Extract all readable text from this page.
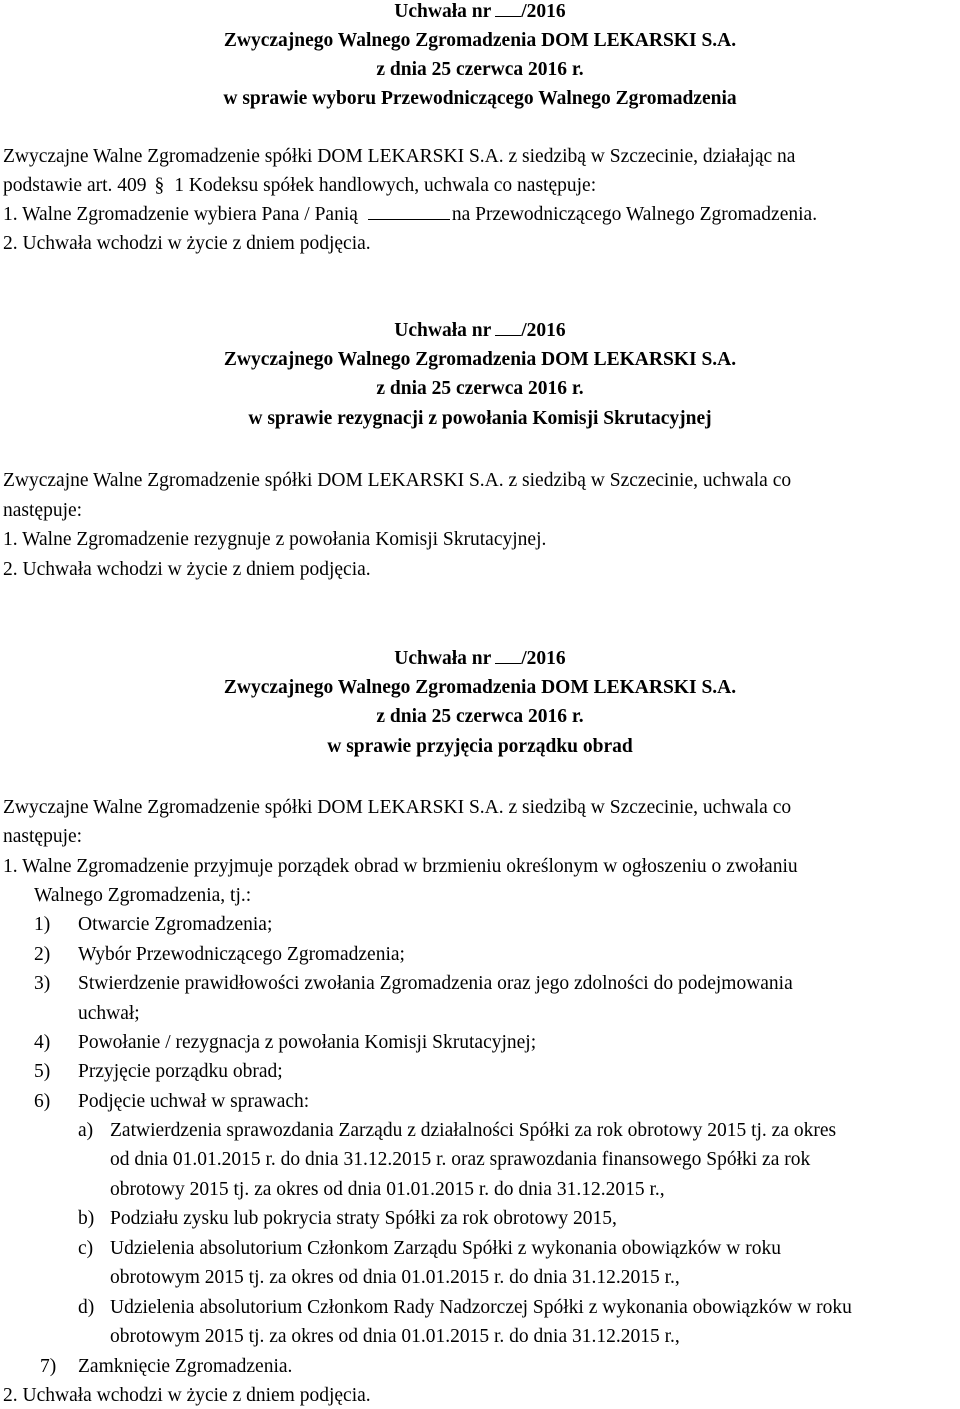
Uchwała nr /2016
Zwyczajnego Walnego Zgromadzenia DOM LEKARSKI S.A.
z dnia 25 czerwca 2016 r.
w sprawie wyboru Przewodniczącego Walnego Zgromadzenia
Zwyczajne Walne Zgromadzenie spółki DOM LEKARSKI S.A. z siedzibą w Szczecinie, działając na
podstawie art. 409 § 1 Kodeksu spółek handlowych, uchwala co następuje:
1. Walne Zgromadzenie wybiera Pana / Panią	na Przewodniczącego Walnego Zgromadzenia.
2. Uchwała wchodzi w życie z dniem podjęcia.
Uchwała nr /2016
Zwyczajnego Walnego Zgromadzenia DOM LEKARSKI S.A.
z dnia 25 czerwca 2016 r.
w sprawie rezygnacji z powołania Komisji Skrutacyjnej
Zwyczajne Walne Zgromadzenie spółki DOM LEKARSKI S.A. z siedzibą w Szczecinie, uchwala co
następuje:
1. Walne Zgromadzenie rezygnuje z powołania Komisji Skrutacyjnej.
2. Uchwała wchodzi w życie z dniem podjęcia.
Uchwała nr /2016
Zwyczajnego Walnego Zgromadzenia DOM LEKARSKI S.A.
z dnia 25 czerwca 2016 r.
w sprawie przyjęcia porządku obrad
Zwyczajne Walne Zgromadzenie spółki DOM LEKARSKI S.A. z siedzibą w Szczecinie, uchwala co
następuje:
1. Walne Zgromadzenie przyjmuje porządek obrad w brzmieniu określonym w ogłoszeniu o zwołaniu
Walnego Zgromadzenia, tj.:
1) Otwarcie Zgromadzenia;
2) Wybór Przewodniczącego Zgromadzenia;
3) Stwierdzenie prawidłowości zwołania Zgromadzenia oraz jego zdolności do podejmowania
uchwał;
4) Powołanie / rezygnacja z powołania Komisji Skrutacyjnej;
5) Przyjęcie porządku obrad;
6) Podjęcie uchwał w sprawach:
a) Zatwierdzenia sprawozdania Zarządu z działalności Spółki za rok obrotowy 2015 tj. za okres
od dnia 01.01.2015 r. do dnia 31.12.2015 r. oraz sprawozdania finansowego Spółki za rok
obrotowy 2015 tj. za okres od dnia 01.01.2015 r. do dnia 31.12.2015 r.,
b) Podziału zysku lub pokrycia straty Spółki za rok obrotowy 2015,
c) Udzielenia absolutorium Członkom Zarządu Spółki z wykonania obowiązków w roku
obrotowym 2015 tj. za okres od dnia 01.01.2015 r. do dnia 31.12.2015 r.,
d) Udzielenia absolutorium Członkom Rady Nadzorczej Spółki z wykonania obowiązków w roku
obrotowym 2015 tj. za okres od dnia 01.01.2015 r. do dnia 31.12.2015 r.,
7) Zamknięcie Zgromadzenia.
2. Uchwała wchodzi w życie z dniem podjęcia.
